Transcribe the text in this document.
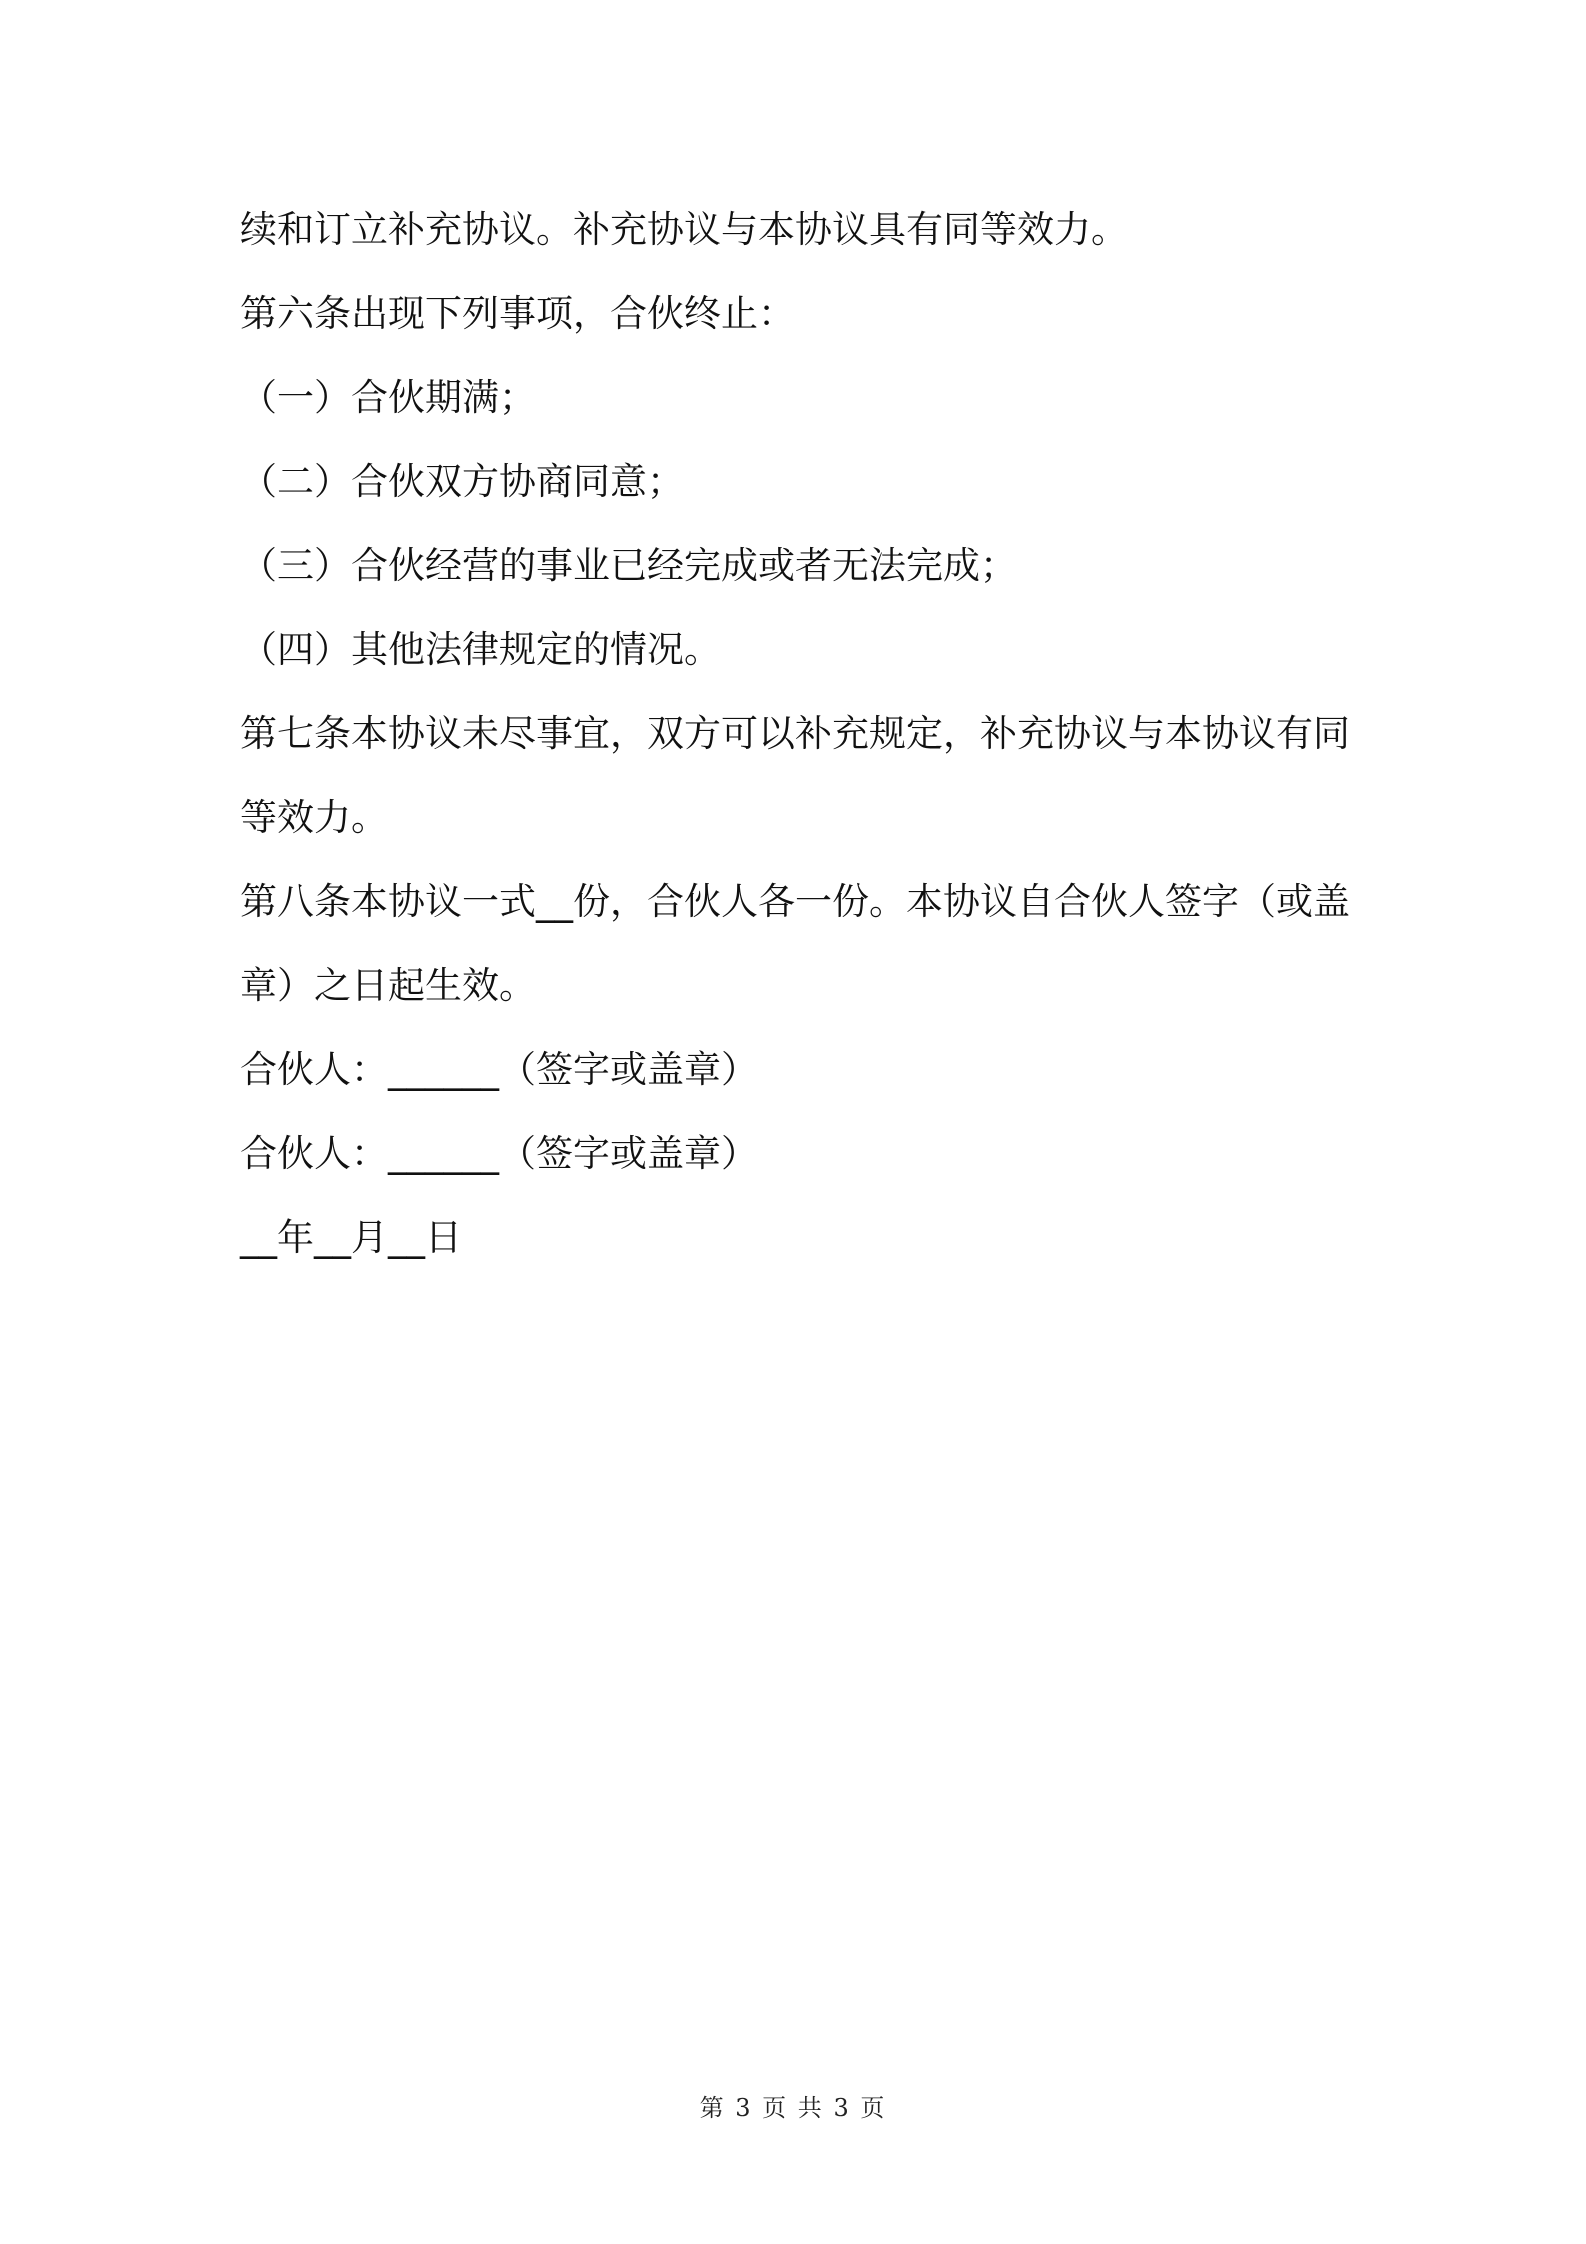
续和订立补充协议。补充协议与本协议具有同等效力。

第六条出现下列事项，合伙终止：

（一）合伙期满；

（二）合伙双方协商同意；

（三）合伙经营的事业已经完成或者无法完成；

（四）其他法律规定的情况。

第七条本协议未尽事宜，双方可以补充规定，补充协议与本协议有同

等效力。

第八条本协议一式__份，合伙人各一份。本协议自合伙人签字（或盖

章）之日起生效。

合伙人：______（签字或盖章）

合伙人：______（签字或盖章）

__年__月__日

第 3 页 共 3 页
